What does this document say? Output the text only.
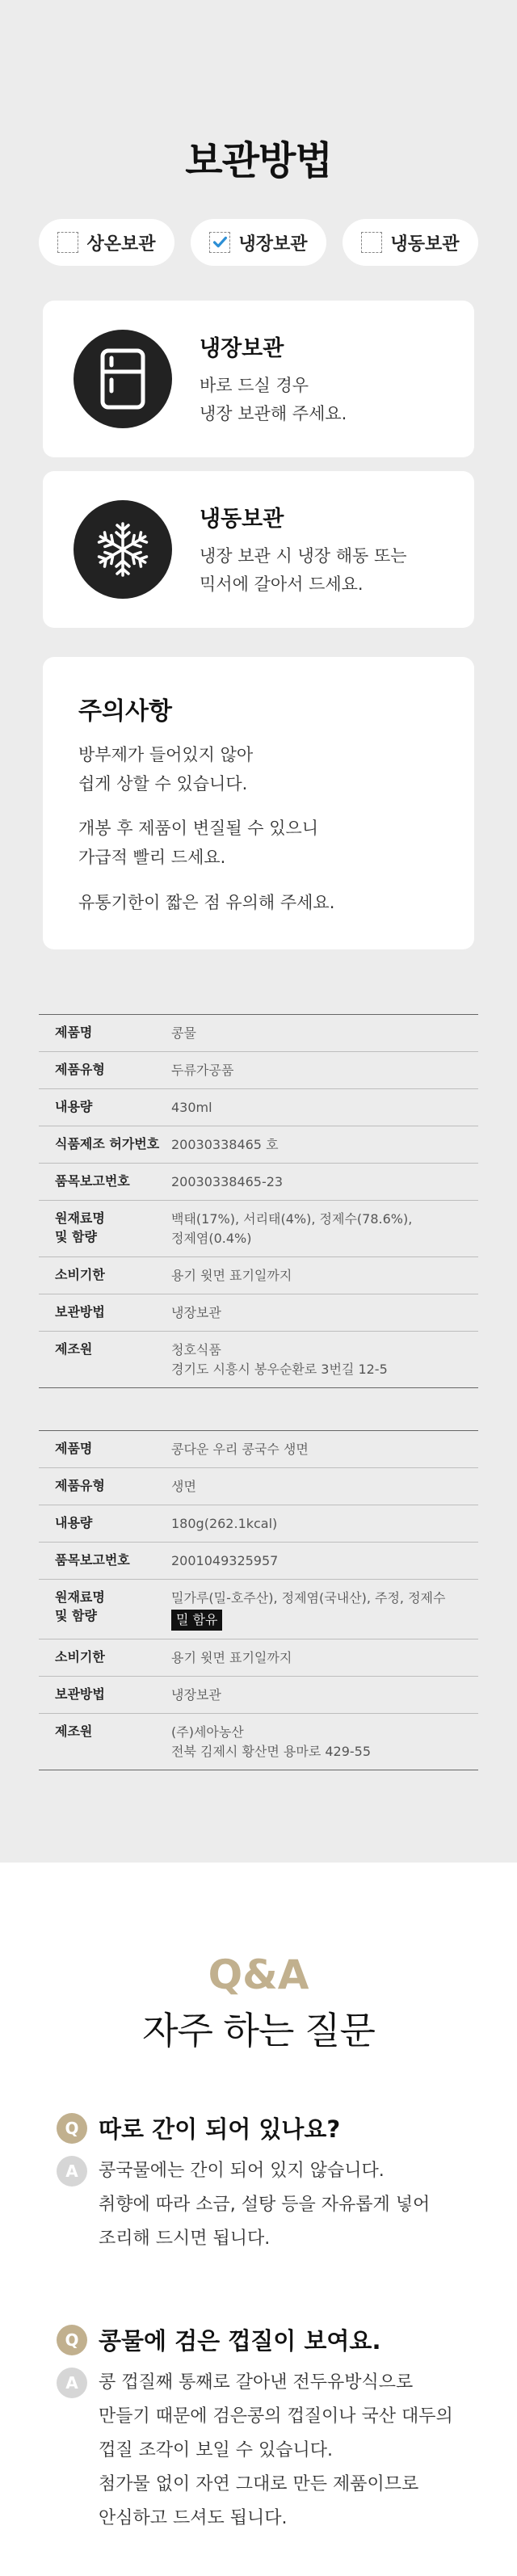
보관방법
상온보관	냉장보관	냉동보관
냉장보관
바로 드실 경우
냉장 보관해 주세요.
냉동보관
냉장 보관 시 냉장 해동 또는
믹서에 갈아서 드세요.
주의사항
방부제가 들어있지 않아
쉽게 상할 수 있습니다.
개봉 후 제품이 변질될 수 있으니
가급적 빨리 드세요.
유통기한이 짧은 점 유의해 주세요.
제품명	콩물
제품유형	두류가공품
내용량	430ml
식품제조 허가번호 20030338465 호
품목보고번호	20030338465-23
원재료명
및 함량
백태(17%), 서리태(4%), 정제수(78.6%),
정제염(0.4%)
소비기한	용기 윗면 표기일까지
보관방법	냉장보관
제조원	청호식품
경기도 시흥시 봉우순환로 3번길 12-5
제품명	콩다운 우리 콩국수 생면
제품유형	생면
내용량	180g(262.1kcal)
품목보고번호	2001049325957
원재료명
및 함량
밀가루(밀-호주산), 정제염(국내산), 주정, 정제수
밀 함유
소비기한	용기 윗면 표기일까지
보관방법	냉장보관
제조원	(주)세아농산
전북 김제시 황산면 용마로 429-55
Q&A
자주 하는 질문
Q 따로 간이 되어 있나요?
A	콩국물에는 간이 되어 있지 않습니다.
취향에 따라 소금, 설탕 등을 자유롭게 넣어
조리해 드시면 됩니다.
Q 콩물에 검은 껍질이 보여요.
A	콩 껍질째 통째로 갈아낸 전두유방식으로
만들기 때문에 검은콩의 껍질이나 국산 대두의
껍질 조각이 보일 수 있습니다.
첨가물 없이 자연 그대로 만든 제품이므로
안심하고 드셔도 됩니다.
